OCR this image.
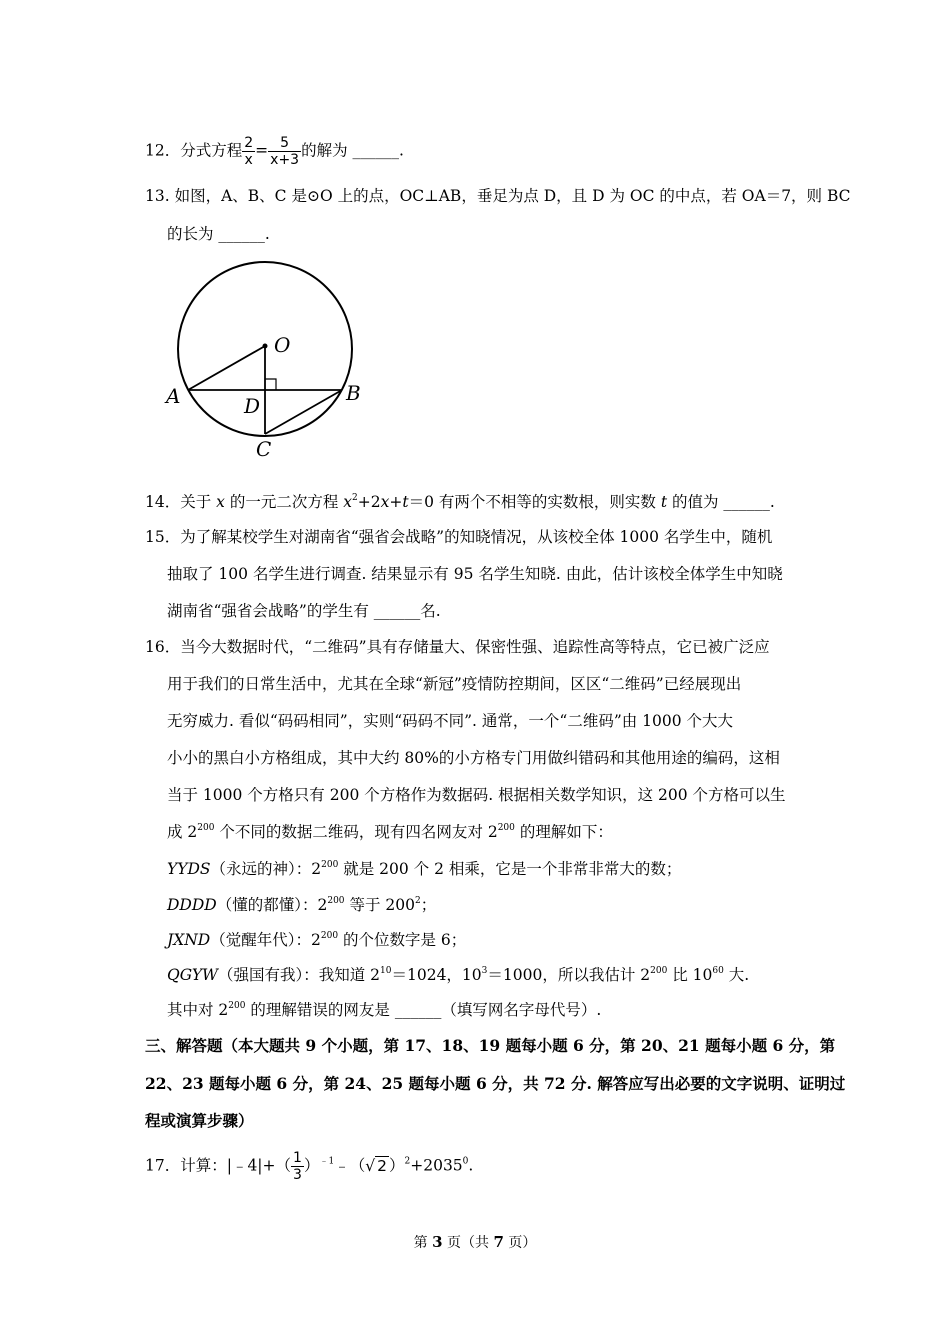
12．分式方程 $\frac{2}{x} = \frac{5}{x+3}$ 的解为 ______.
13. 如图，A、B、C 是⊙O 上的点，OC⊥AB，垂足为点 D，且 D 为 OC 的中点，若 OA＝7，则 BC
的长为 ______.
O
A	B
D
C
14．关于 x 的一元二次方程 $x^2+2x+t=0$ 有两个不相等的实数根，则实数 t 的值为 ______.
15．为了解某校学生对湖南省“强省会战略”的知晓情况，从该校全体 1000 名学生中，随机
抽取了 100 名学生进行调查. 结果显示有 95 名学生知晓. 由此，估计该校全体学生中知晓
湖南省“强省会战略”的学生有 ______名.
16．当今大数据时代，“二维码”具有存储量大、保密性强、追踪性高等特点，它已被广泛应
用于我们的日常生活中，尤其在全球“新冠”疫情防控期间，区区“二维码”已经展现出
无穷威力. 看似“码码相同”，实则“码码不同”. 通常，一个“二维码”由 1000 个大大
小小的黑白小方格组成，其中大约 80%的小方格专门用做纠错码和其他用途的编码，这相
当于 1000 个方格只有 200 个方格作为数据码. 根据相关数学知识，这 200 个方格可以生
成 $2^{200}$ 个不同的数据二维码，现有四名网友对 $2^{200}$ 的理解如下：
YYDS（永远的神）：$2^{200}$ 就是 200 个 2 相乘，它是一个非常非常大的数；
DDDD（懂的都懂）：$2^{200}$ 等于 $200^2$；
JXND（觉醒年代）：$2^{200}$ 的个位数字是 6；
QGYW（强国有我）：我知道 $2^{10}=1024$，$10^3=1000$，所以我估计 $2^{200}$ 比 $10^{60}$ 大.
其中对 $2^{200}$ 的理解错误的网友是 ______（填写网名字母代号）.
三、解答题（本大题共 9 个小题，第 17、18、19 题每小题 6 分，第 20、21 题每小题 6 分，第
22、23 题每小题 6 分，第 24、25 题每小题 6 分，共 72 分. 解答应写出必要的文字说明、证明过
程或演算步骤）
17．计算：|﹣4|+（ $\frac{1}{3}$ ）$^{﹣1}$﹣（√ 2 ）$^2+2035^0$.
第 3 页（共 7 页）
